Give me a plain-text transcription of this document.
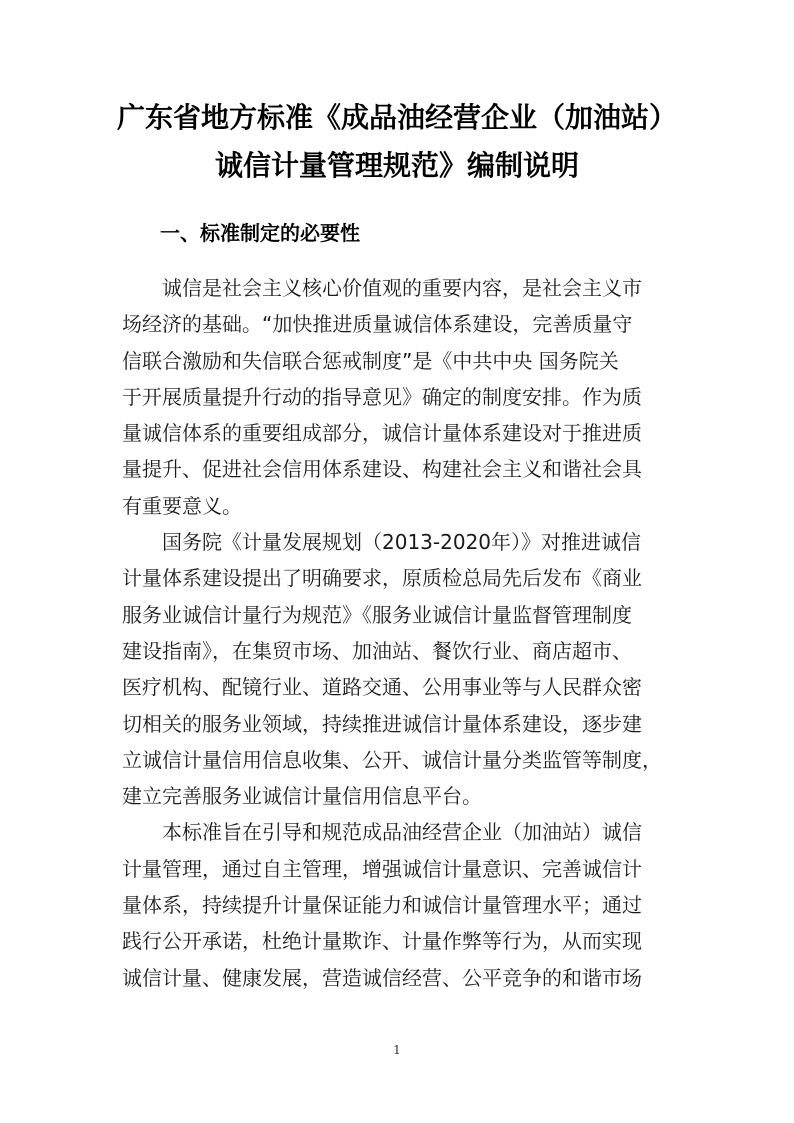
广东省地方标准《成品油经营企业（加油站）
诚信计量管理规范》编制说明
一、标准制定的必要性
诚信是社会主义核心价值观的重要内容，是社会主义市
场经济的基础。“加快推进质量诚信体系建设，完善质量守
信联合激励和失信联合惩戒制度”是《中共中央 国务院关
于开展质量提升行动的指导意见》确定的制度安排。作为质
量诚信体系的重要组成部分，诚信计量体系建设对于推进质
量提升、促进社会信用体系建设、构建社会主义和谐社会具
有重要意义。
国务院《计量发展规划（2013-2020年）》对推进诚信
计量体系建设提出了明确要求，原质检总局先后发布《商业
服务业诚信计量行为规范》《服务业诚信计量监督管理制度
建设指南》，在集贸市场、加油站、餐饮行业、商店超市、
医疗机构、配镜行业、道路交通、公用事业等与人民群众密
切相关的服务业领域，持续推进诚信计量体系建设，逐步建
立诚信计量信用信息收集、公开、诚信计量分类监管等制度，
建立完善服务业诚信计量信用信息平台。
本标准旨在引导和规范成品油经营企业（加油站）诚信
计量管理，通过自主管理，增强诚信计量意识、完善诚信计
量体系，持续提升计量保证能力和诚信计量管理水平；通过
践行公开承诺，杜绝计量欺诈、计量作弊等行为，从而实现
诚信计量、健康发展，营造诚信经营、公平竞争的和谐市场
1
